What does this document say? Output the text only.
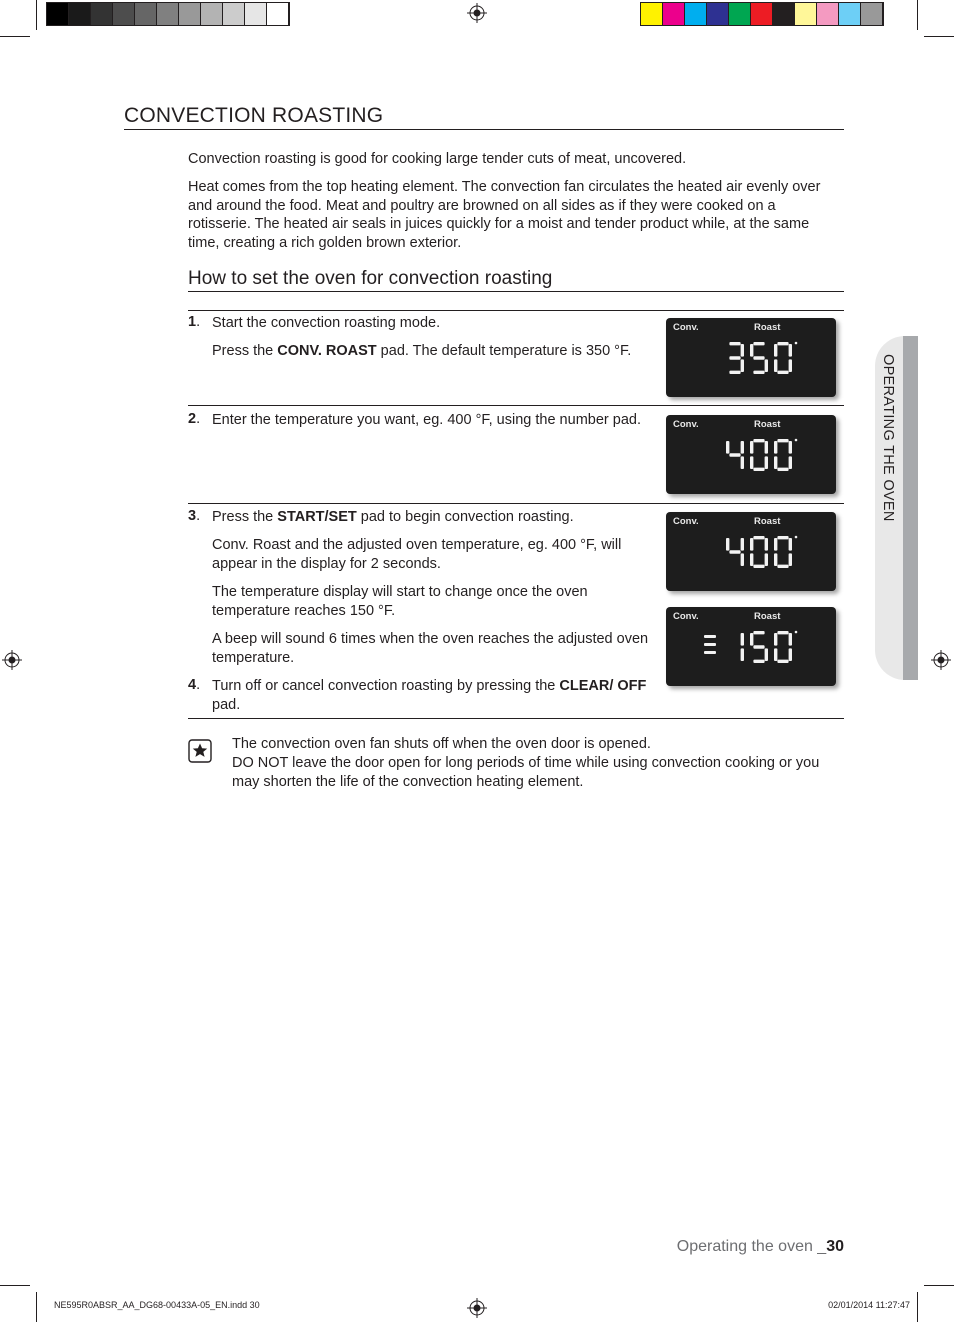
CONVECTION ROASTING

Convection roasting is good for cooking large tender cuts of meat, uncovered.

Heat comes from the top heating element. The convection fan circulates the heated air evenly over and around the food. Meat and poultry are browned on all sides as if they were cooked on a rotisserie. The heated air seals in juices quickly for a moist and tender product while, at the same time, creating a rich golden brown exterior.

How to set the oven for convection roasting
1. Start the convection roasting mode.

Press the CONV. ROAST pad. The default temperature is 350 °F.

2. Enter the temperature you want, eg. 400 °F, using the number pad.

3. Press the START/SET pad to begin convection roasting.

Conv. Roast and the adjusted oven temperature, eg. 400 °F, will appear in the display for 2 seconds.

The temperature display will start to change once the oven temperature reaches 150 °F.

A beep will sound 6 times when the oven reaches the adjusted oven temperature.

4. Turn off or cancel convection roasting by pressing the CLEAR/ OFF pad.

Conv.	Roast
Conv.	Roast
Conv.	Roast
Conv.	Roast
OPERATING THE OVEN

The convection oven fan shuts off when the oven door is opened.
DO NOT leave the door open for long periods of time while using convection cooking or you may shorten the life of the convection heating element.

Operating the oven _30
NE595R0ABSR_AA_DG68-00433A-05_EN.indd 30	02/01/2014 11:27:47
